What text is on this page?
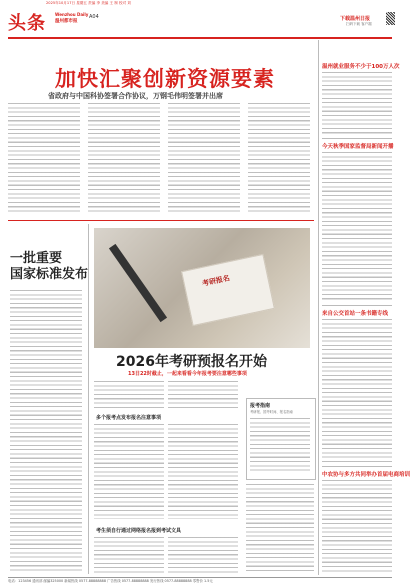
2025年10月17日 星期五 责编 李 美编 王 制 校对 刘
头条 Wenzhou Daily
温州都市报
A04	下载温州日报
扫码下载 客户端
加快汇聚创新资源要素
省政府与中国科协签署合作协议，万钢毛伟明签署并出席
一批重要
国家标准发布	考研报名
2026年考研预报名开始
13日22时截止，一起来看看今年报考要注意哪些事项
多个报考点发布报名注意事项
报考指南
考研报、国考时间、报名指南
考生须自行通过网络报名报到考试文具
温州就业服务不少于100万人次
今天秋季国家监督局新闻开播
来自公交首站一条书籍专线
中农协与多方共同举办首届电商培训
电话：123456 通讯部 邮编325000 新闻热线 0577-88888888 广告热线 0577-88888888 发行热线 0577-88888888 零售价 1.5元
